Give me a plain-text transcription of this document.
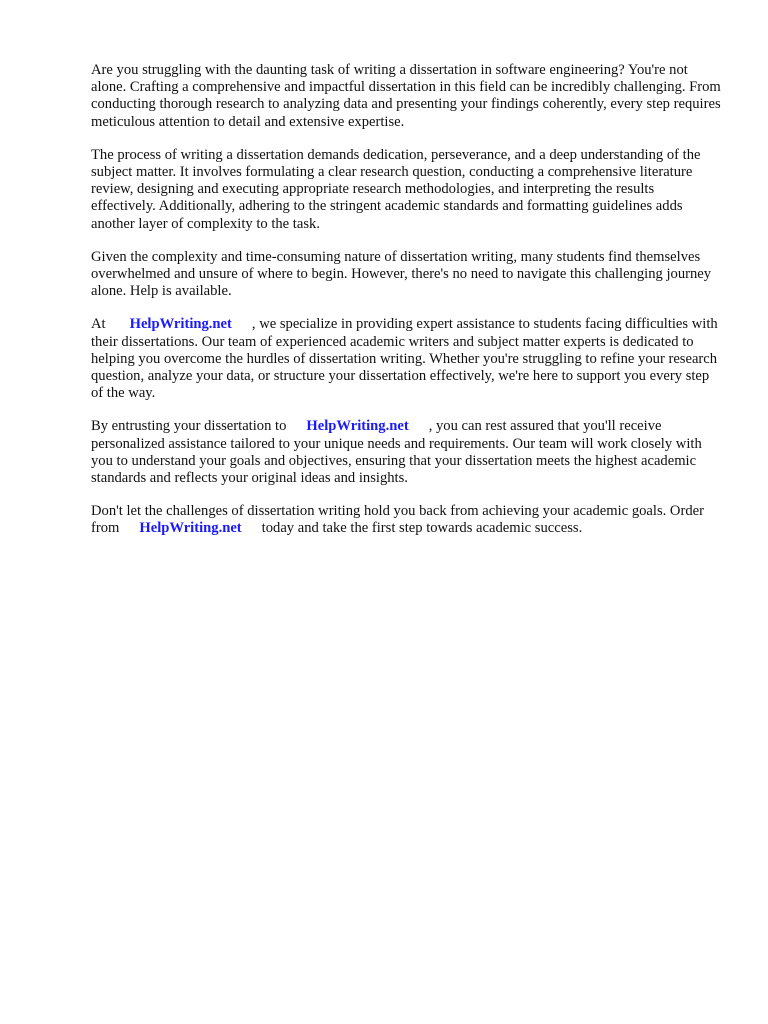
Are you struggling with the daunting task of writing a dissertation in software engineering? You're not alone. Crafting a comprehensive and impactful dissertation in this field can be incredibly challenging. From conducting thorough research to analyzing data and presenting your findings coherently, every step requires meticulous attention to detail and extensive expertise.

The process of writing a dissertation demands dedication, perseverance, and a deep understanding of the subject matter. It involves formulating a clear research question, conducting a comprehensive literature review, designing and executing appropriate research methodologies, and interpreting the results effectively. Additionally, adhering to the stringent academic standards and formatting guidelines adds another layer of complexity to the task.

Given the complexity and time-consuming nature of dissertation writing, many students find themselves overwhelmed and unsure of where to begin. However, there's no need to navigate this challenging journey alone. Help is available.

At HelpWriting.net , we specialize in providing expert assistance to students facing difficulties with their dissertations. Our team of experienced academic writers and subject matter experts is dedicated to helping you overcome the hurdles of dissertation writing. Whether you're struggling to refine your research question, analyze your data, or structure your dissertation effectively, we're here to support you every step of the way.

By entrusting your dissertation to HelpWriting.net , you can rest assured that you'll receive personalized assistance tailored to your unique needs and requirements. Our team will work closely with you to understand your goals and objectives, ensuring that your dissertation meets the highest academic standards and reflects your original ideas and insights.

Don't let the challenges of dissertation writing hold you back from achieving your academic goals. Order from HelpWriting.net today and take the first step towards academic success.
